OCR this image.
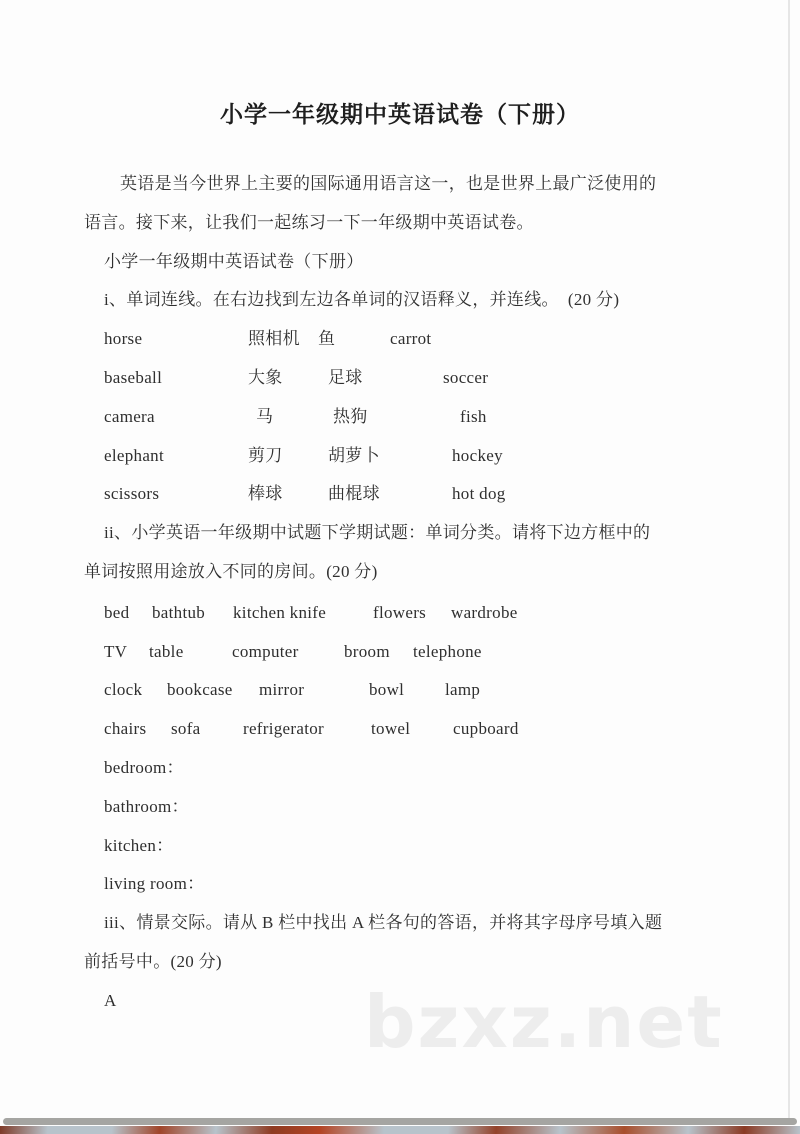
bzxz.net
小学一年级期中英语试卷（下册）
英语是当今世界上主要的国际通用语言这一，也是世界上最广泛使用的
语言。接下来，让我们一起练习一下一年级期中英语试卷。
小学一年级期中英语试卷（下册）
i、单词连线。在右边找到左边各单词的汉语释义，并连线。  (20 分)
horse	照相机 鱼	carrot
baseball	大象	足球	soccer
camera	马	热狗	fish
elephant	剪刀	胡萝卜	hockey
scissors	棒球	曲棍球	hot dog
ii、小学英语一年级期中试题下学期试题：单词分类。请将下边方框中的
单词按照用途放入不同的房间。(20 分)
bed bathtub kitchen knife	flowers wardrobe
TV table	computer	broom telephone
clock bookcase mirror	bowl lamp
chairs sofa refrigerator	towel	cupboard
bedroom：
bathroom：
kitchen：
living room：
iii、情景交际。请从 B 栏中找出 A 栏各句的答语，并将其字母序号填入题
前括号中。(20 分)
A
